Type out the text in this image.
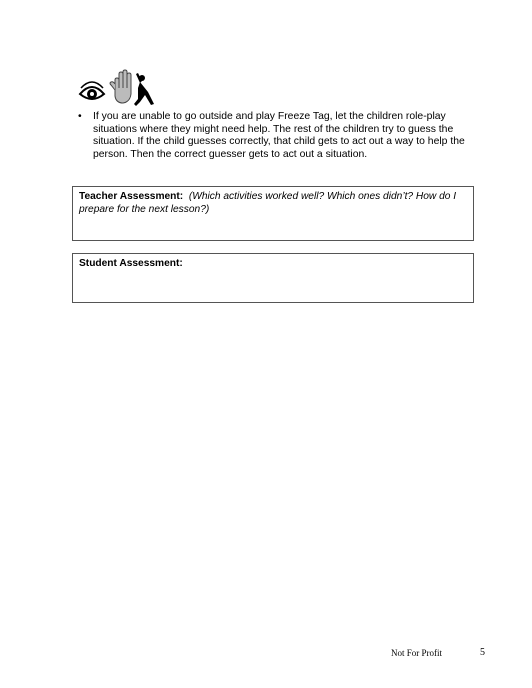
• If you are unable to go outside and play Freeze Tag, let the children role-play situations where they might need help. The rest of the children try to guess the situation. If the child guesses correctly, that child gets to act out a way to help the person. Then the correct guesser gets to act out a situation.
Teacher Assessment: (Which activities worked well? Which ones didn’t? How do I prepare for the next lesson?)
Student Assessment:
Not For Profit	5
